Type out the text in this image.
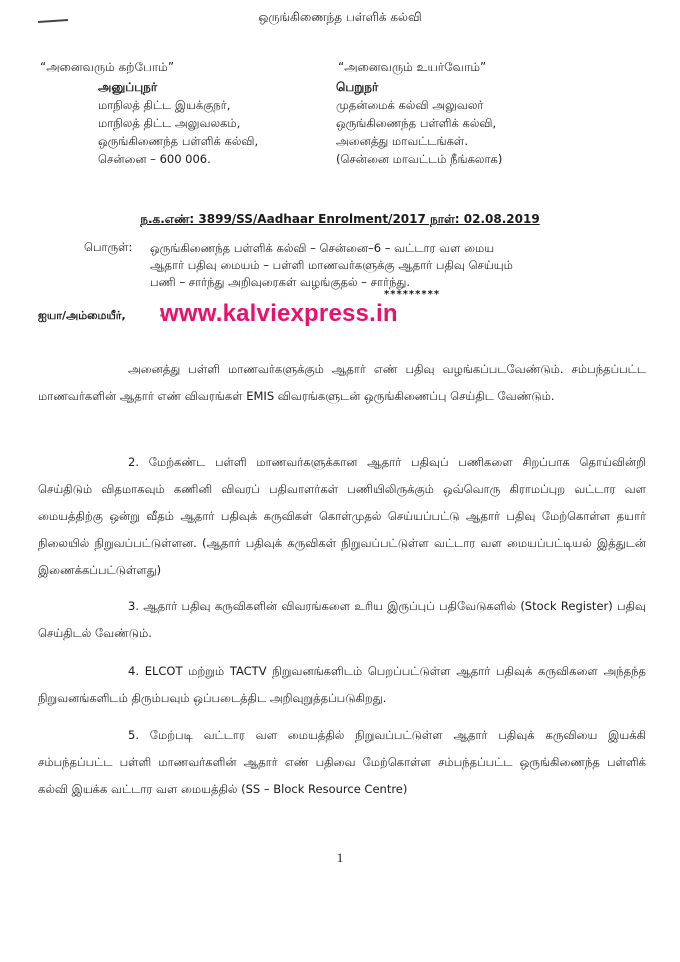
ஒருங்கிணைந்த பள்ளிக் கல்வி
“அனைவரும் கற்போம்”	“அனைவரும் உயர்வோம்”
அனுப்புநர்
மாநிலத் திட்ட இயக்குநர்,
மாநிலத் திட்ட அலுவலகம்,
ஒருங்கிணைந்த பள்ளிக் கல்வி,
சென்னை – 600 006.
பெறுநர்
முதன்மைக் கல்வி அலுவலர்
ஒருங்கிணைந்த பள்ளிக் கல்வி,
அனைத்து மாவட்டங்கள்.
(சென்னை மாவட்டம் நீங்கலாக)
ந.க.எண்: 3899/SS/Aadhaar Enrolment/2017 நாள்: 02.08.2019
பொருள்: ஒருங்கிணைந்த பள்ளிக் கல்வி – சென்னை–6 – வட்டார வள மைய
ஆதார் பதிவு மையம் – பள்ளி மாணவர்களுக்கு ஆதார் பதிவு செய்யும்
பணி – சார்ந்து அறிவுரைகள் வழங்குதல் – சார்ந்து.
*********
ஐயா/அம்மையீர், www.kalviexpress.in

அனைத்து பள்ளி மாணவர்களுக்கும் ஆதார் எண் பதிவு வழங்கப்படவேண்டும். சம்பந்தப்பட்ட மாணவர்களின் ஆதார் எண் விவரங்கள் EMIS விவரங்களுடன் ஒருங்கிணைப்பு செய்திட வேண்டும்.

2. மேற்கண்ட பள்ளி மாணவர்களுக்கான ஆதார் பதிவுப் பணிகளை சிறப்பாக தொய்வின்றி செய்திடும் விதமாகவும் கணினி விவரப் பதிவாளர்கள் பணியிலிருக்கும் ஒவ்வொரு கிராமப்புற வட்டார வள மையத்திற்கு ஒன்று வீதம் ஆதார் பதிவுக் கருவிகள் கொள்முதல் செய்யப்பட்டு ஆதார் பதிவு மேற்கொள்ள தயார் நிலையில் நிறுவப்பட்டுள்ளன. (ஆதார் பதிவுக் கருவிகள் நிறுவப்பட்டுள்ள வட்டார வள மையப்பட்டியல் இத்துடன் இணைக்கப்பட்டுள்ளது)

3. ஆதார் பதிவு கருவிகளின் விவரங்களை உரிய இருப்புப் பதிவேடுகளில் (Stock Register) பதிவு செய்திடல் வேண்டும்.

4. ELCOT மற்றும் TACTV நிறுவனங்களிடம் பெறப்பட்டுள்ள ஆதார் பதிவுக் கருவிகளை அந்தந்த நிறுவனங்களிடம் திரும்பவும் ஒப்படைத்திட அறிவுறுத்தப்படுகிறது.

5. மேற்படி வட்டார வள மையத்தில் நிறுவப்பட்டுள்ள ஆதார் பதிவுக் கருவியை இயக்கி சம்பந்தப்பட்ட பள்ளி மாணவர்களின் ஆதார் எண் பதிவை மேற்கொள்ள சம்பந்தப்பட்ட ஒருங்கிணைந்த பள்ளிக் கல்வி இயக்க வட்டார வள மையத்தில் (SS – Block Resource Centre)

1
